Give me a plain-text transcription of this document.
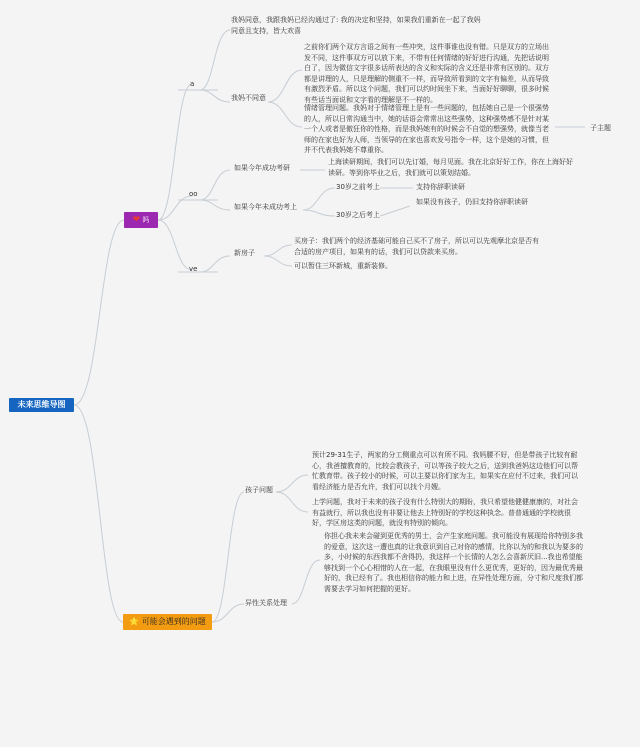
未来思维导图
❤ 吗
a
我妈同意，我跟我妈已经沟通过了: 我的决定和坚持，如果我们重新在一起了我妈同意且支持，皆大欢喜
我妈不同意
之前你们两个双方言语之间有一些冲突，这件事谁也没有错。只是双方的立场出发不同，这件事双方可以放下来，不带有任何情绪的好好进行沟通，先把话说明白了，因为微信文字很多话所表达的含义和实际的含义还是非常有区别的。双方都是讲理的人，只是理解的侧重不一样，而导致所看到的文字有偏差，从而导致有激烈矛盾。所以这个问题，我们可以约时间坐下来，当面好好聊聊，很多时候有些话当面说和文字看的理解是不一样的。
情绪管理问题。我妈对于情绪管理上是有一些问题的，包括她自己是一个很强势的人，所以日常沟通当中，她的话语会常常出这些强势，这种强势感不是针对某一个人或者是傲狂你的性格，而是我妈她有的时候会不自觉的想强势，就像当老师的在家也好为人师，当领导的在家也喜欢发号指令一样，这个是她的习惯，但并不代表我妈她不尊重你。
子主题
oo
如果今年成功考研
上海读研期间，我们可以先订婚，每月见面。我在北京好好工作，你在上海好好读研。等到你毕业之后，我们就可以策划结婚。
如果今年未成功考上
30岁之前考上	支持你辞职读研
30岁之后考上
如果没有孩子，仍旧支持你辞职读研
ve
新房子
买房子：我们两个的经济基础可能自己买不了房子，所以可以先观摩北京是否有合适的房产项目，如果有的话，我们可以贷款来买房。
可以暂住三环新城，重新装修。
⭐ 可能会遇到的问题
孩子问题
预计29-31生子，两家的分工侧重点可以有所不同。我妈腰不好，但是带孩子比较有耐心，我爸擅教育的，比较会教孩子，可以等孩子较大之后，送到我爸妈这边他们可以帮忙教育带。孩子较小的时候，可以主要以你们家为主，如果实在应付不过来，我们可以看经济能力是否允许，我们可以找个月嫂。
上学问题，我对于未来的孩子没有什么特别大的期盼，我只希望他健健康康的，对社会有益就行，所以我也没有非要让他去上特别好的学校这种执念。普普通通的学校就很好，学区房这类的问题，就没有特别的倾向。
异性关系处理
你担心我未来会碰到更优秀的男士，会产生家庭问题。我可能没有展现给你特别多我的爱意，这次这一遭也真的让我意识到自己对你的感情，比你以为的和我以为要多的多，小时候的东西我都不舍得扔，我这样一个长情的人怎么会喜新厌旧...我也希望能够找到一个心心相惜的人在一起，在我眼里没有什么更优秀，更好的，因为最优秀最好的，我已经有了。我也相信你的能力和上进，在异性处理方面，分寸和尺度我们都需要去学习如何把握的更好。
